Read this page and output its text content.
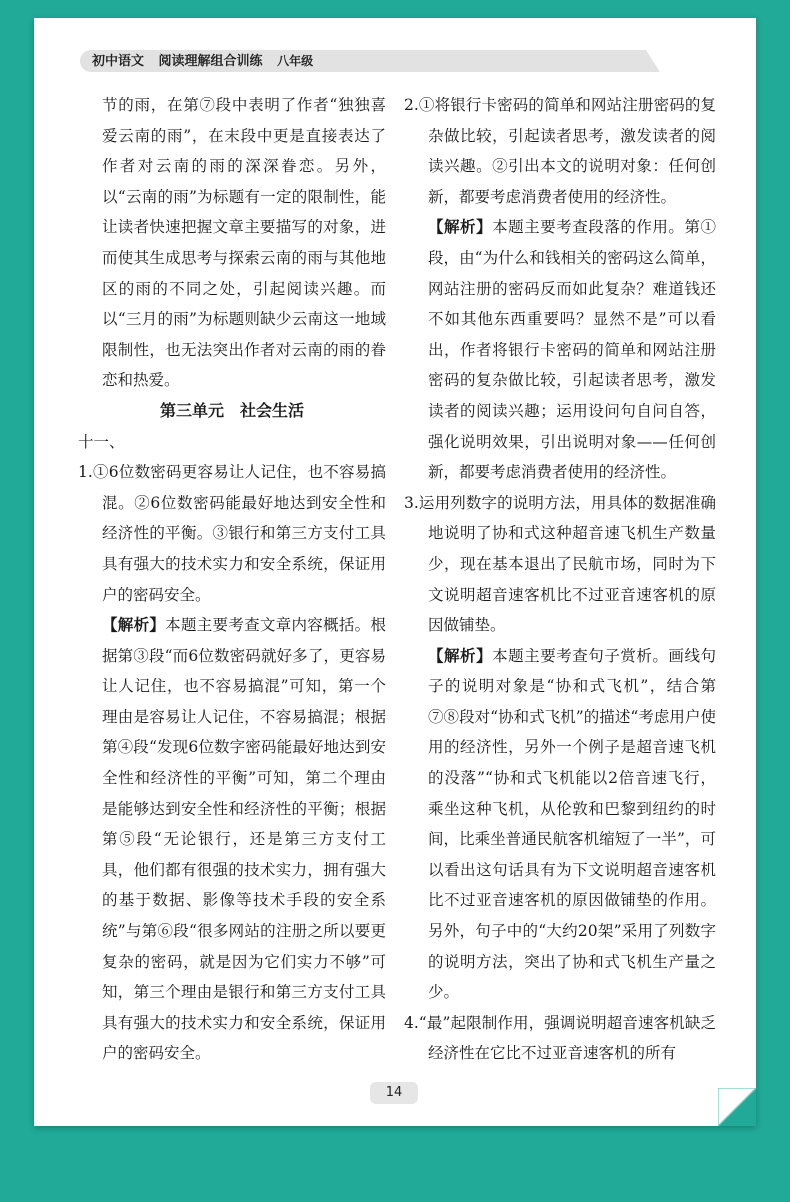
初中语文 阅读理解组合训练 八年级

节的雨，在第⑦段中表明了作者“独独喜爱云南的雨”，在末段中更是直接表达了作者对云南的雨的深深眷恋。另外，以“云南的雨”为标题有一定的限制性，能让读者快速把握文章主要描写的对象，进而使其生成思考与探索云南的雨与其他地区的雨的不同之处，引起阅读兴趣。而以“三月的雨”为标题则缺少云南这一地域限制性，也无法突出作者对云南的雨的眷恋和热爱。

第三单元　社会生活

十一、

1.①6位数密码更容易让人记住，也不容易搞混。②6位数密码能最好地达到安全性和经济性的平衡。③银行和第三方支付工具具有强大的技术实力和安全系统，保证用户的密码安全。

【解析】本题主要考查文章内容概括。根据第③段“而6位数密码就好多了，更容易让人记住，也不容易搞混”可知，第一个理由是容易让人记住，不容易搞混；根据第④段“发现6位数字密码能最好地达到安全性和经济性的平衡”可知，第二个理由是能够达到安全性和经济性的平衡；根据第⑤段“无论银行，还是第三方支付工具，他们都有很强的技术实力，拥有强大的基于数据、影像等技术手段的安全系统”与第⑥段“很多网站的注册之所以要更复杂的密码，就是因为它们实力不够”可知，第三个理由是银行和第三方支付工具具有强大的技术实力和安全系统，保证用户的密码安全。

2.①将银行卡密码的简单和网站注册密码的复杂做比较，引起读者思考，激发读者的阅读兴趣。②引出本文的说明对象：任何创新，都要考虑消费者使用的经济性。

【解析】本题主要考查段落的作用。第①段，由“为什么和钱相关的密码这么简单，网站注册的密码反而如此复杂？难道钱还不如其他东西重要吗？显然不是”可以看出，作者将银行卡密码的简单和网站注册密码的复杂做比较，引起读者思考，激发读者的阅读兴趣；运用设问句自问自答，强化说明效果，引出说明对象——任何创新，都要考虑消费者使用的经济性。

3.运用列数字的说明方法，用具体的数据准确地说明了协和式这种超音速飞机生产数量少，现在基本退出了民航市场，同时为下文说明超音速客机比不过亚音速客机的原因做铺垫。

【解析】本题主要考查句子赏析。画线句子的说明对象是“协和式飞机”，结合第⑦⑧段对“协和式飞机”的描述“考虑用户使用的经济性，另外一个例子是超音速飞机的没落”“协和式飞机能以2倍音速飞行，乘坐这种飞机，从伦敦和巴黎到纽约的时间，比乘坐普通民航客机缩短了一半”，可以看出这句话具有为下文说明超音速客机比不过亚音速客机的原因做铺垫的作用。另外，句子中的“大约20架”采用了列数字的说明方法，突出了协和式飞机生产量之少。

4.“最”起限制作用，强调说明超音速客机缺乏经济性在它比不过亚音速客机的所有

14
